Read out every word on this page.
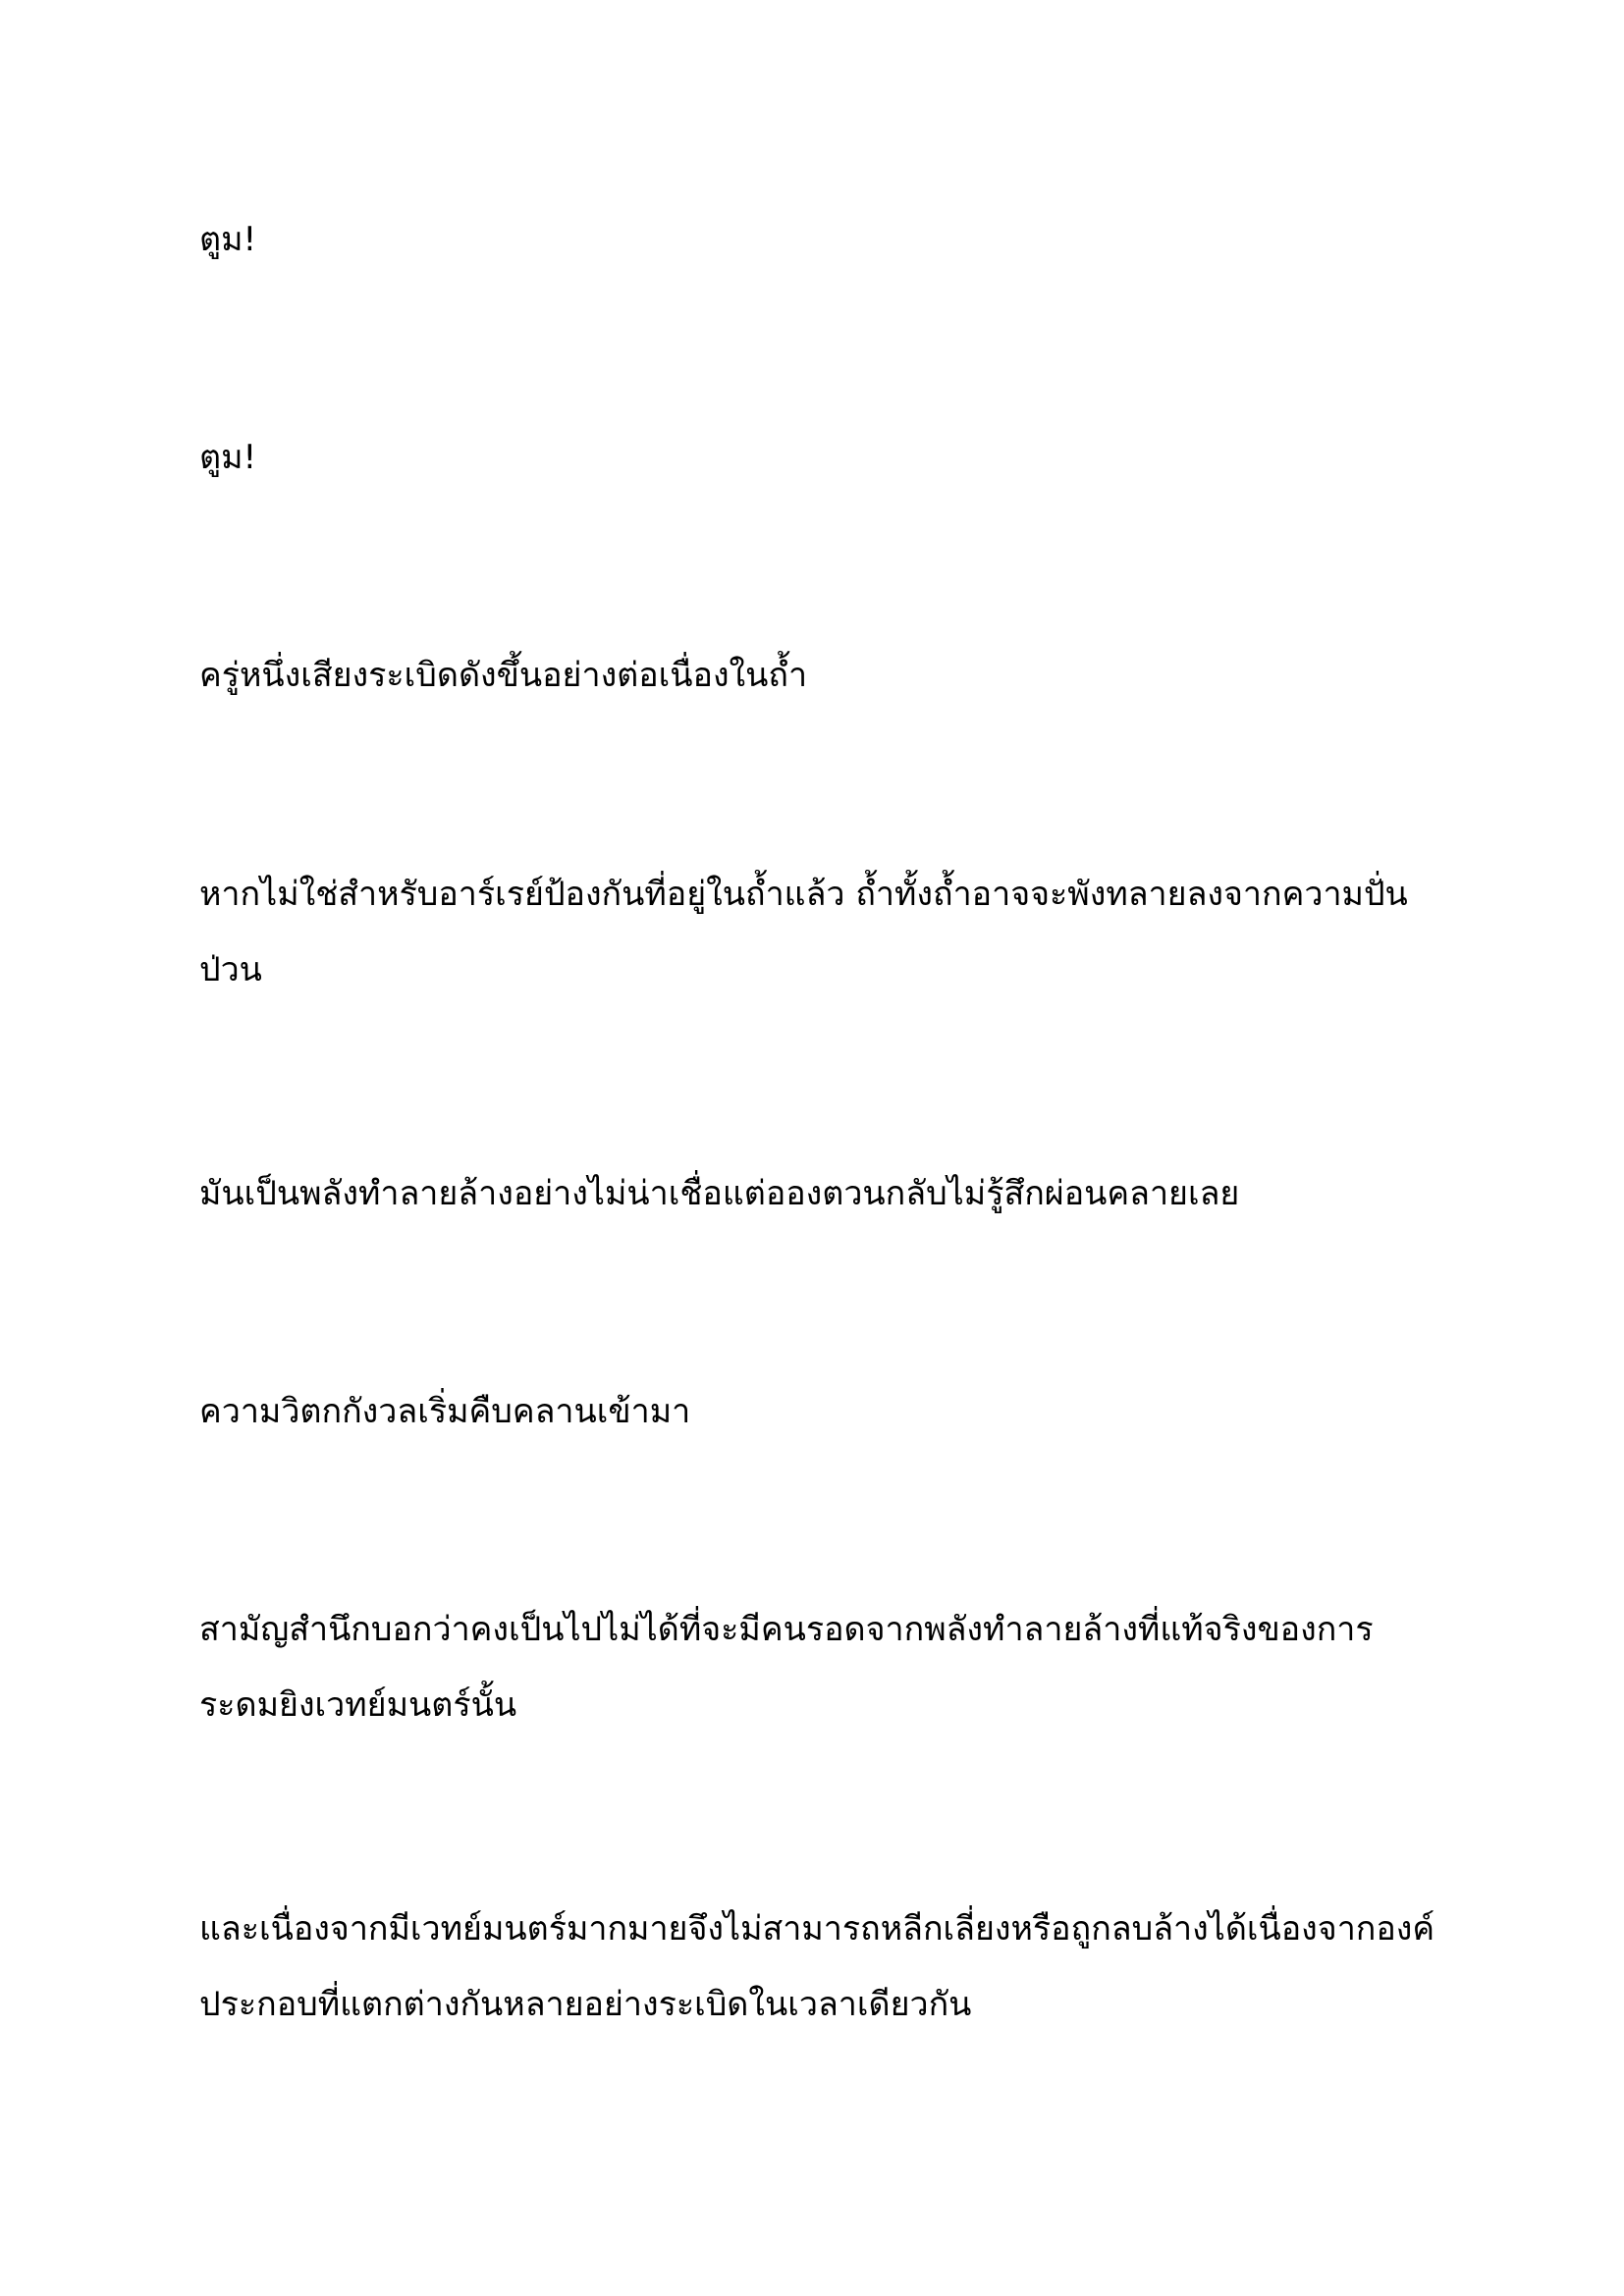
ตูม!

ตูม!

ครู่หนึ่งเสียงระเบิดดังขึ้นอย่างต่อเนื่องในถ้ำ

หากไม่ใช่สำหรับอาร์เรย์ป้องกันที่อยู่ในถ้ำแล้ว ถ้ำทั้งถ้ำอาจจะพังทลายลงจากความปั่นป่วน

มันเป็นพลังทำลายล้างอย่างไม่น่าเชื่อแต่อองตวนกลับไม่รู้สึกผ่อนคลายเลย

ความวิตกกังวลเริ่มคืบคลานเข้ามา

สามัญสำนึกบอกว่าคงเป็นไปไม่ได้ที่จะมีคนรอดจากพลังทำลายล้างที่แท้จริงของการระดมยิงเวทย์มนตร์นั้น

และเนื่องจากมีเวทย์มนตร์มากมายจึงไม่สามารถหลีกเลี่ยงหรือถูกลบล้างได้เนื่องจากองค์ประกอบที่แตกต่างกันหลายอย่างระเบิดในเวลาเดียวกัน
